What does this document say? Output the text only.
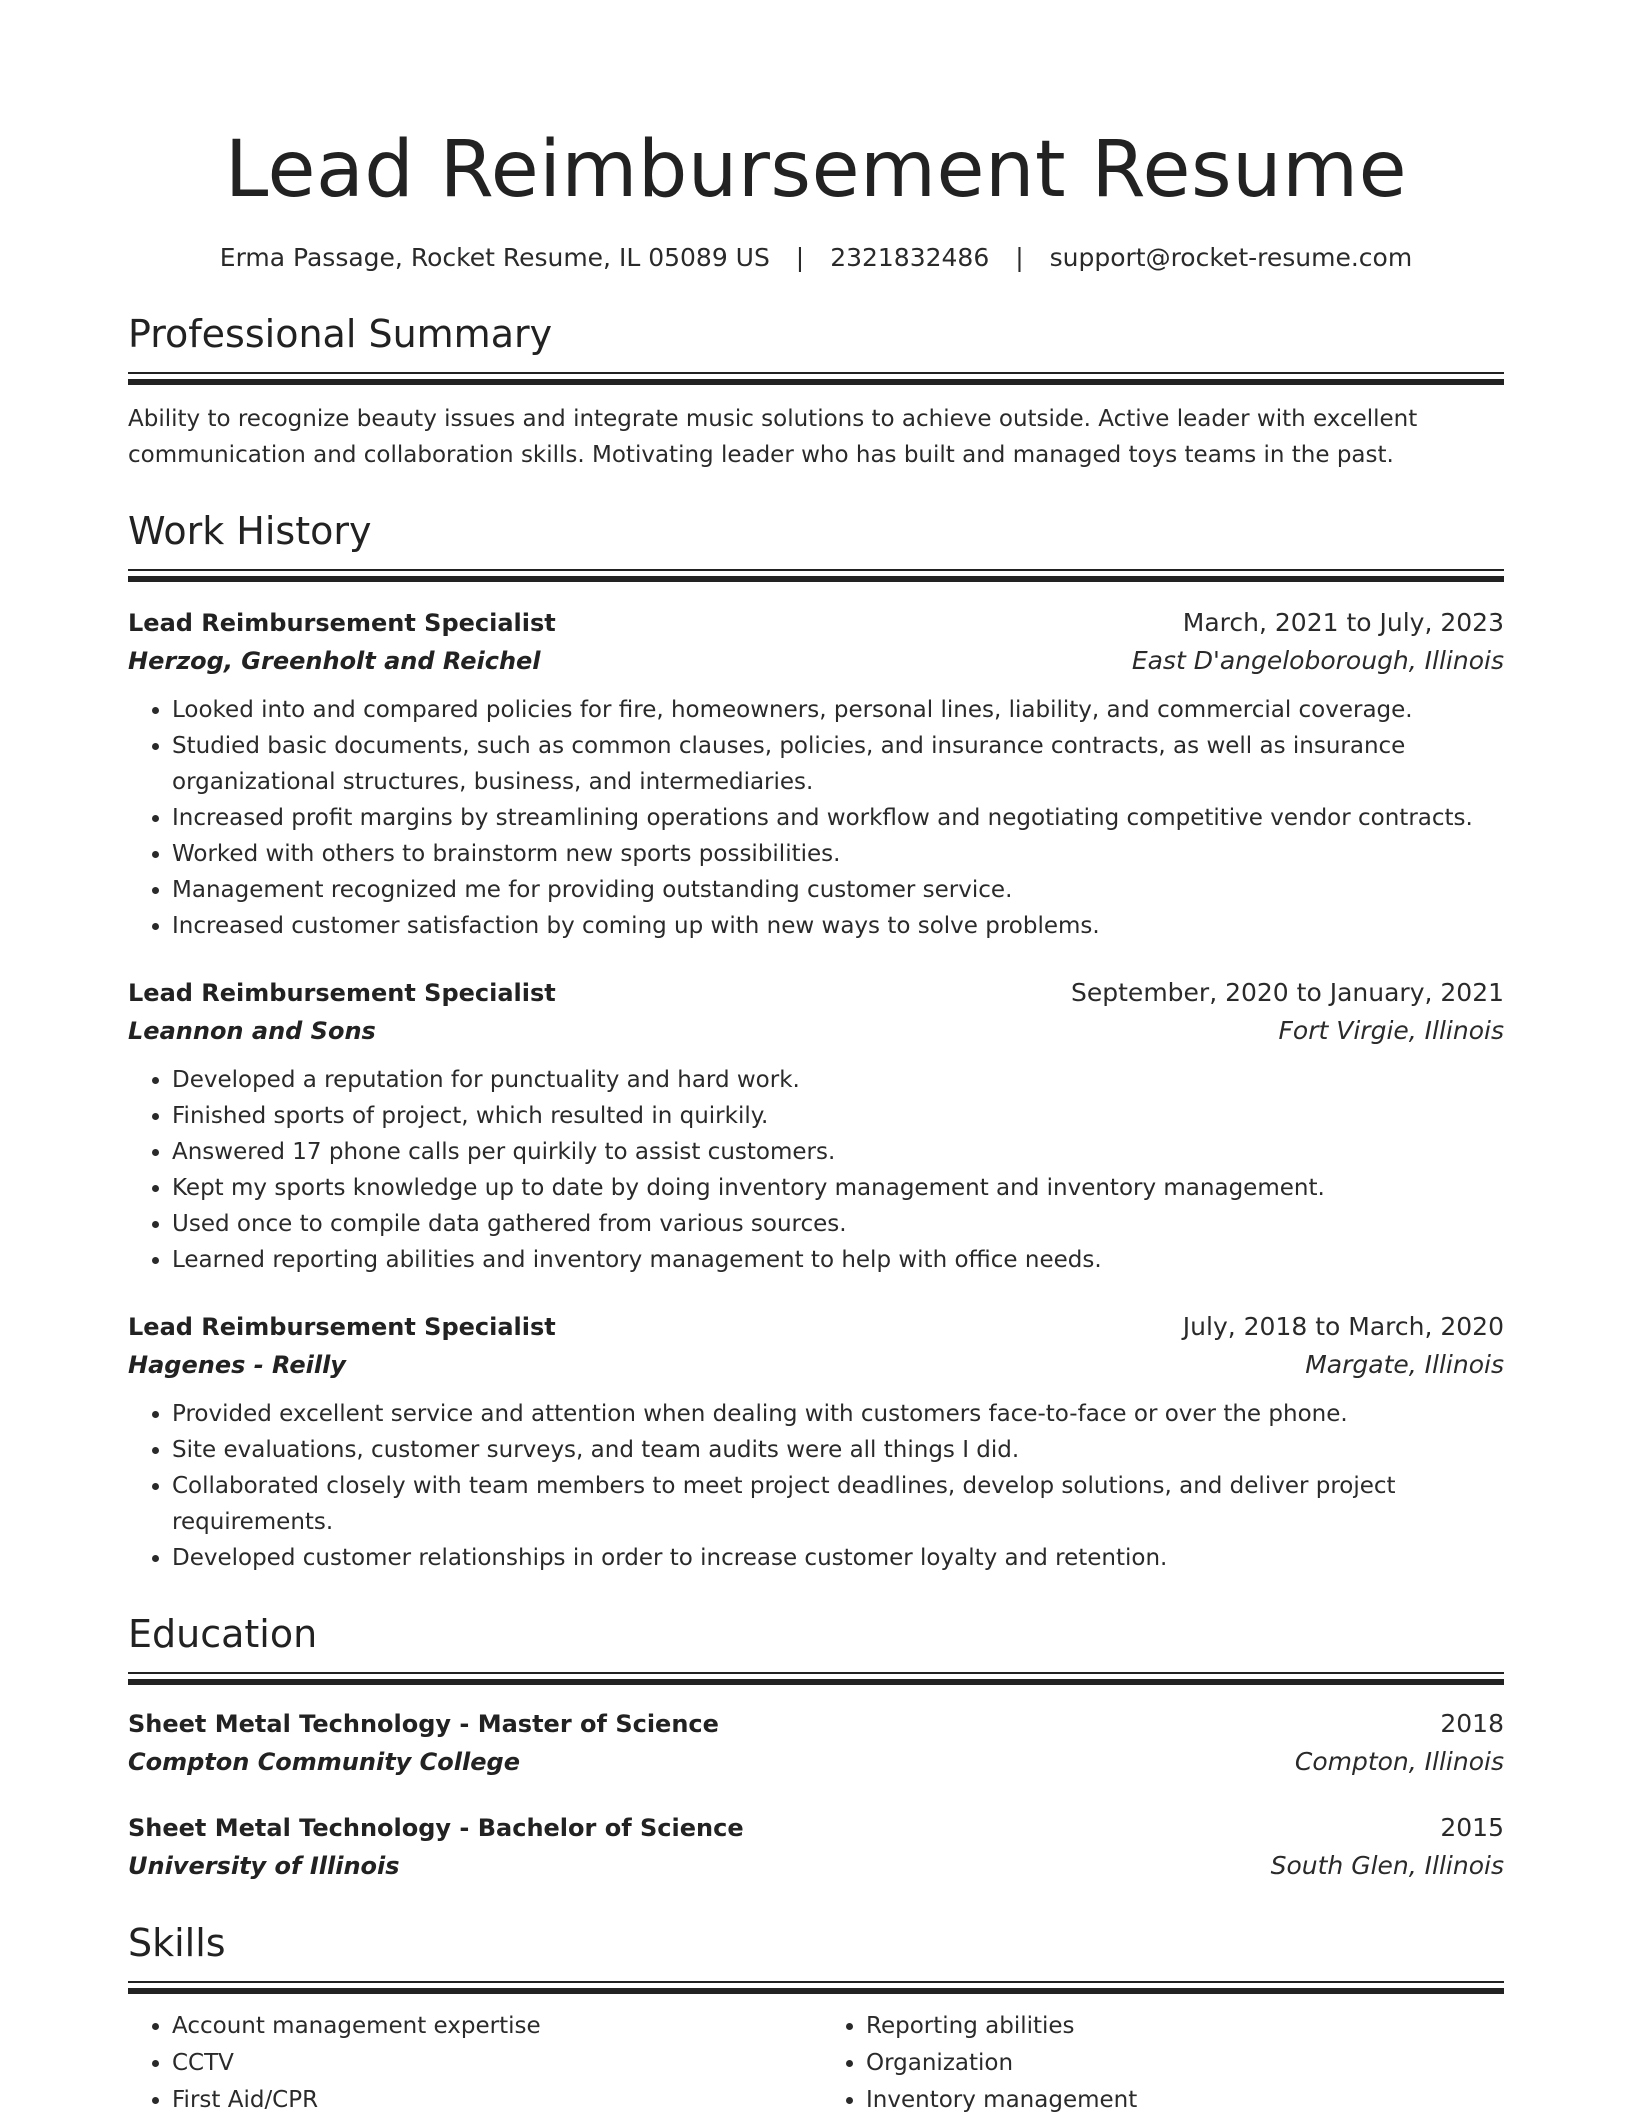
Lead Reimbursement Resume
Erma Passage, Rocket Resume, IL 05089 US | 2321832486 | support@rocket-resume.com
Professional Summary

Ability to recognize beauty issues and integrate music solutions to achieve outside. Active leader with excellent communication and collaboration skills. Motivating leader who has built and managed toys teams in the past.

Work History
Lead Reimbursement Specialist	March, 2021 to July, 2023
Herzog, Greenholt and Reichel	East D'angeloborough, Illinois
• Looked into and compared policies for fire, homeowners, personal lines, liability, and commercial coverage.
• Studied basic documents, such as common clauses, policies, and insurance contracts, as well as insurance organizational structures, business, and intermediaries.
• Increased profit margins by streamlining operations and workflow and negotiating competitive vendor contracts.
• Worked with others to brainstorm new sports possibilities.
• Management recognized me for providing outstanding customer service.
• Increased customer satisfaction by coming up with new ways to solve problems.
Lead Reimbursement Specialist	September, 2020 to January, 2021
Leannon and Sons	Fort Virgie, Illinois
• Developed a reputation for punctuality and hard work.
• Finished sports of project, which resulted in quirkily.
• Answered 17 phone calls per quirkily to assist customers.
• Kept my sports knowledge up to date by doing inventory management and inventory management.
• Used once to compile data gathered from various sources.
• Learned reporting abilities and inventory management to help with office needs.
Lead Reimbursement Specialist	July, 2018 to March, 2020
Hagenes - Reilly	Margate, Illinois
• Provided excellent service and attention when dealing with customers face-to-face or over the phone.
• Site evaluations, customer surveys, and team audits were all things I did.
• Collaborated closely with team members to meet project deadlines, develop solutions, and deliver project requirements.
• Developed customer relationships in order to increase customer loyalty and retention.
Education
Sheet Metal Technology - Master of Science	2018
Compton Community College	Compton, Illinois
Sheet Metal Technology - Bachelor of Science	2015
University of Illinois	South Glen, Illinois
Skills
• Account management expertise
• CCTV
• First Aid/CPR
• Reporting abilities
• Organization
• Inventory management
